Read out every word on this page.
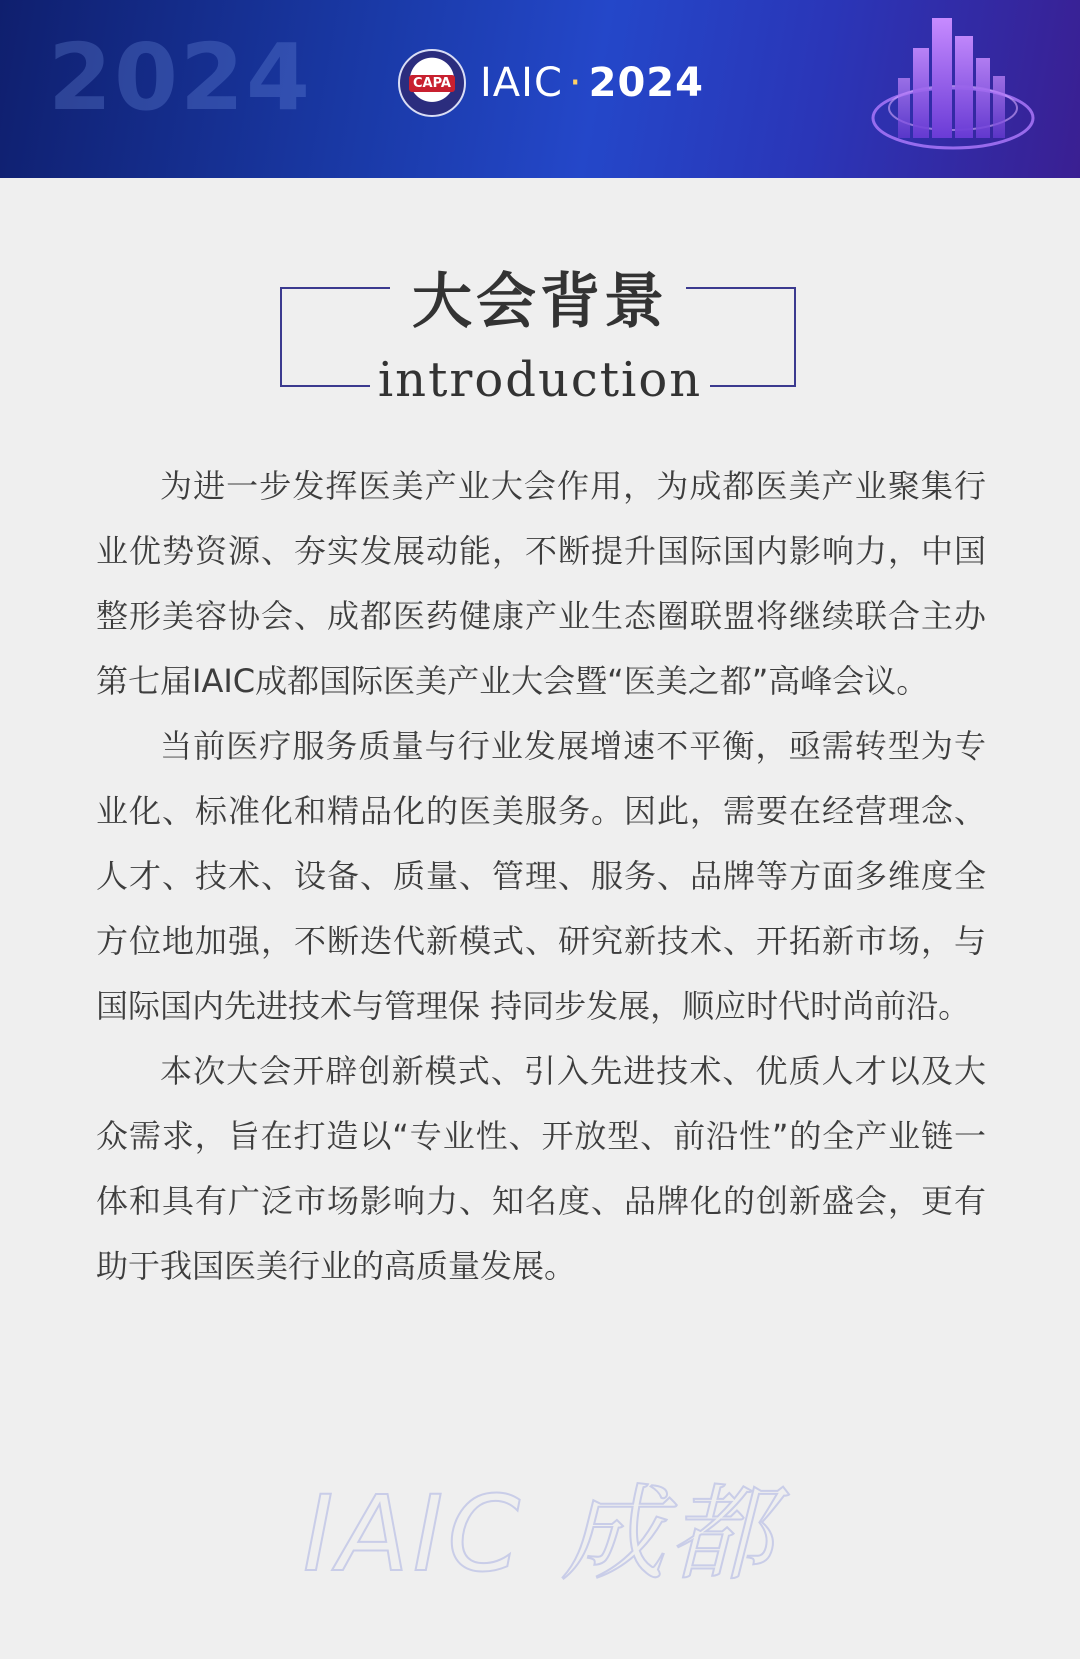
2024	CAPA IAIC · 2024
大会背景
introduction

为进一步发挥医美产业大会作用，为成都医美产业聚集行业优势资源、夯实发展动能，不断提升国际国内影响力，中国整形美容协会、成都医药健康产业生态圈联盟将继续联合主办第七届IAIC成都国际医美产业大会暨“医美之都”高峰会议。

当前医疗服务质量与行业发展增速不平衡，亟需转型为专业化、标准化和精品化的医美服务。因此，需要在经营理念、人才、技术、设备、质量、管理、服务、品牌等方面多维度全方位地加强，不断迭代新模式、研究新技术、开拓新市场，与国际国内先进技术与管理保 持同步发展，顺应时代时尚前沿。

本次大会开辟创新模式、引入先进技术、优质人才以及大众需求，旨在打造以“专业性、开放型、前沿性”的全产业链一体和具有广泛市场影响力、知名度、品牌化的创新盛会，更有助于我国医美行业的高质量发展。

IAIC 成都
